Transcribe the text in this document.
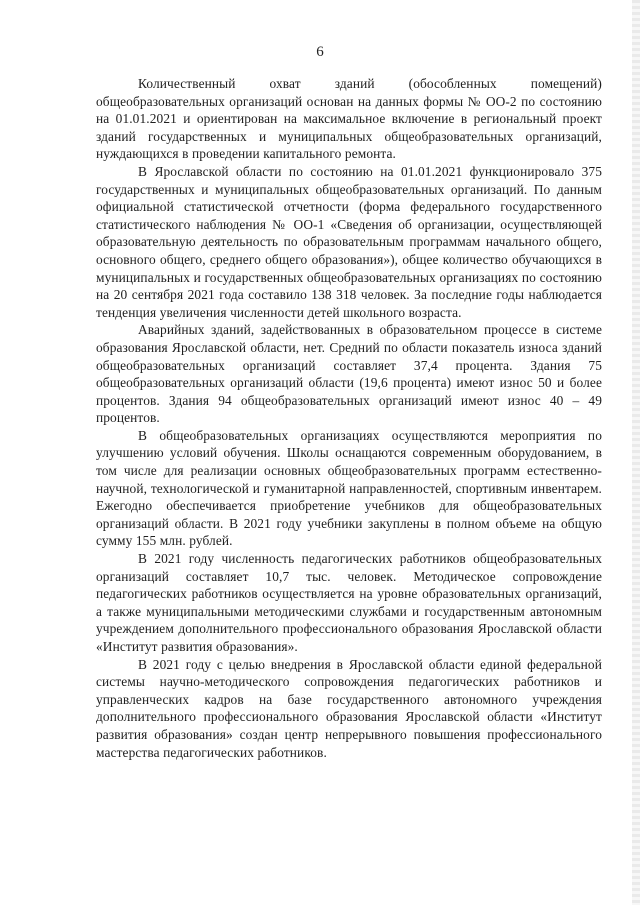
6

Количественный охват зданий (обособленных помещений) общеобразовательных организаций основан на данных формы № ОО-2 по состоянию на 01.01.2021 и ориентирован на максимальное включение в региональный проект зданий государственных и муниципальных общеобразовательных организаций, нуждающихся в проведении капитального ремонта.

В Ярославской области по состоянию на 01.01.2021 функционировало 375 государственных и муниципальных общеобразовательных организаций. По данным официальной статистической отчетности (форма федерального государственного статистического наблюдения № ОО-1 «Сведения об организации, осуществляющей образовательную деятельность по образовательным программам начального общего, основного общего, среднего общего образования»), общее количество обучающихся в муниципальных и государственных общеобразовательных организациях по состоянию на 20 сентября 2021 года составило 138 318 человек. За последние годы наблюдается тенденция увеличения численности детей школьного возраста.

Аварийных зданий, задействованных в образовательном процессе в системе образования Ярославской области, нет. Средний по области показатель износа зданий общеобразовательных организаций составляет 37,4 процента. Здания 75 общеобразовательных организаций области (19,6 процента) имеют износ 50 и более процентов. Здания 94 общеобразовательных организаций имеют износ 40 – 49 процентов.

В общеобразовательных организациях осуществляются мероприятия по улучшению условий обучения. Школы оснащаются современным оборудованием, в том числе для реализации основных общеобразовательных программ естественно-научной, технологической и гуманитарной направленностей, спортивным инвентарем. Ежегодно обеспечивается приобретение учебников для общеобразовательных организаций области. В 2021 году учебники закуплены в полном объеме на общую сумму 155 млн. рублей.

В 2021 году численность педагогических работников общеобразовательных организаций составляет 10,7 тыс. человек. Методическое сопровождение педагогических работников осуществляется на уровне образовательных организаций, а также муниципальными методическими службами и государственным автономным учреждением дополнительного профессионального образования Ярославской области «Институт развития образования».

В 2021 году с целью внедрения в Ярославской области единой федеральной системы научно-методического сопровождения педагогических работников и управленческих кадров на базе государственного автономного учреждения дополнительного профессионального образования Ярославской области «Институт развития образования» создан центр непрерывного повышения профессионального мастерства педагогических работников.
